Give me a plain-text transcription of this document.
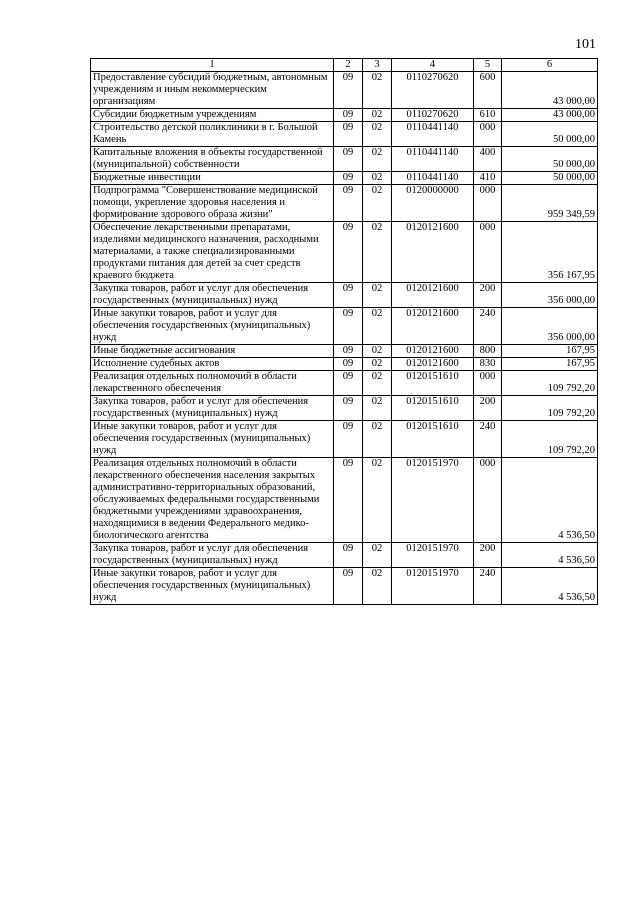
101
1	2	3	4	5	6
Предоставление субсидий бюджетным, автономным учреждениям и иным некоммерческим организациям	09	02	0110270620	600	43 000,00
Субсидии бюджетным учреждениям	09	02	0110270620	610	43 000,00
Строительство детской поликлиники в г. Большой Камень	09	02	0110441140	000	50 000,00
Капитальные вложения в объекты государственной (муниципальной) собственности	09	02	0110441140	400	50 000,00
Бюджетные инвестиции	09	02	0110441140	410	50 000,00
Подпрограмма "Совершенствование медицинской помощи, укрепление здоровья населения и формирование здорового образа жизни"	09	02	0120000000	000	959 349,59
Обеспечение лекарственными препаратами, изделиями медицинского назначения, расходными материалами, а также специализированными продуктами питания для детей за счет средств краевого бюджета	09	02	0120121600	000	356 167,95
Закупка товаров, работ и услуг для обеспечения государственных (муниципальных) нужд	09	02	0120121600	200	356 000,00
Иные закупки товаров, работ и услуг для обеспечения государственных (муниципальных) нужд	09	02	0120121600	240	356 000,00
Иные бюджетные ассигнования	09	02	0120121600	800	167,95
Исполнение судебных актов	09	02	0120121600	830	167,95
Реализация отдельных полномочий в области лекарственного обеспечения	09	02	0120151610	000	109 792,20
Закупка товаров, работ и услуг для обеспечения государственных (муниципальных) нужд	09	02	0120151610	200	109 792,20
Иные закупки товаров, работ и услуг для обеспечения государственных (муниципальных) нужд	09	02	0120151610	240	109 792,20
Реализация отдельных полномочий в области лекарственного обеспечения населения закрытых административно-территориальных образований, обслуживаемых федеральными государственными бюджетными учреждениями здравоохранения, находящимися в ведении Федерального медико-биологического агентства	09	02	0120151970	000	4 536,50
Закупка товаров, работ и услуг для обеспечения государственных (муниципальных) нужд	09	02	0120151970	200	4 536,50
Иные закупки товаров, работ и услуг для обеспечения государственных (муниципальных) нужд	09	02	0120151970	240	4 536,50
